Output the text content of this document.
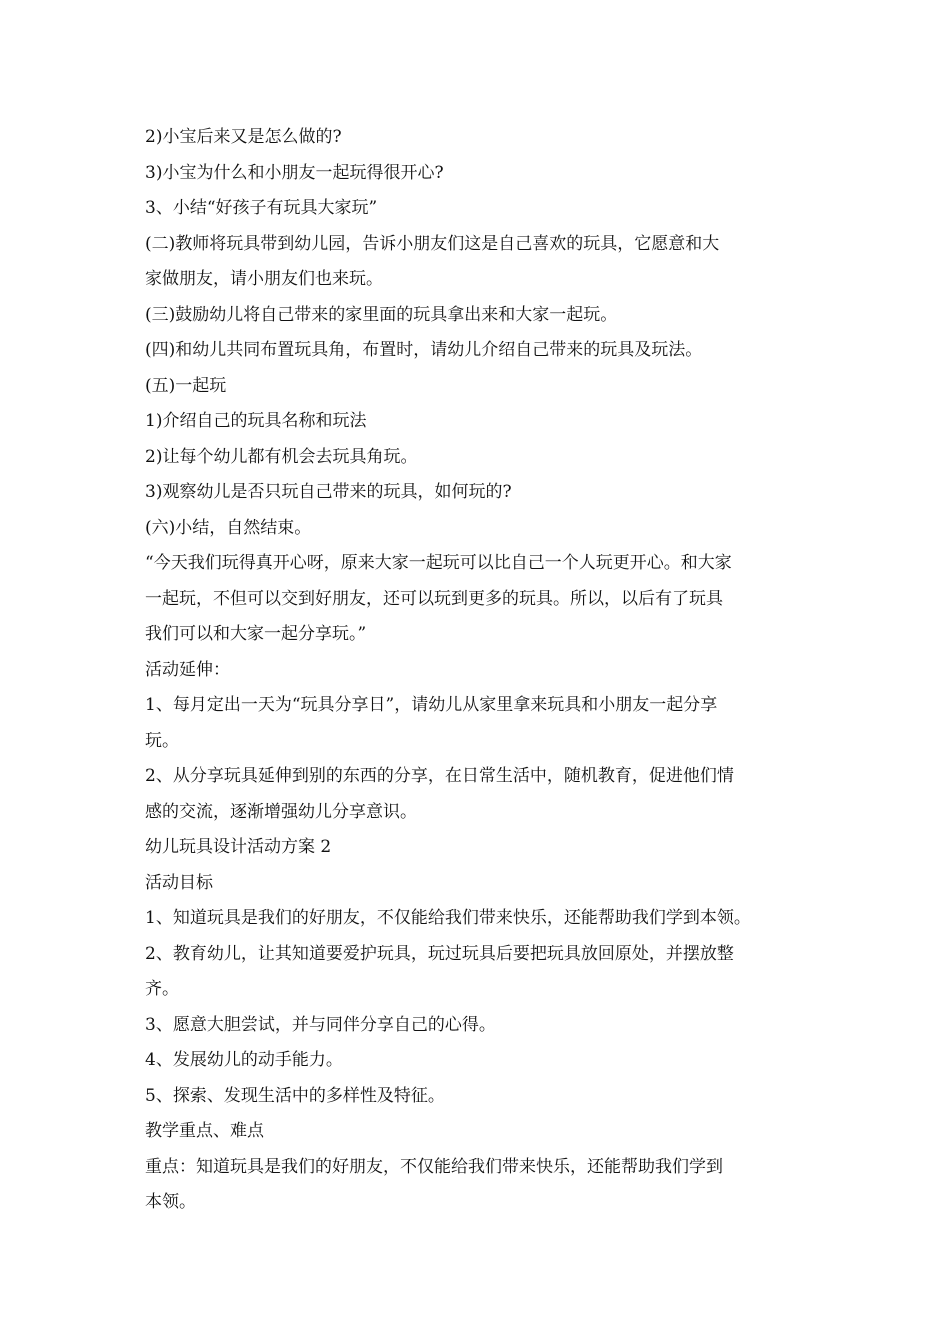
2)小宝后来又是怎么做的?

3)小宝为什么和小朋友一起玩得很开心?

3、小结“好孩子有玩具大家玩”

(二)教师将玩具带到幼儿园，告诉小朋友们这是自己喜欢的玩具，它愿意和大

家做朋友，请小朋友们也来玩。

(三)鼓励幼儿将自己带来的家里面的玩具拿出来和大家一起玩。

(四)和幼儿共同布置玩具角，布置时，请幼儿介绍自己带来的玩具及玩法。

(五)一起玩

1)介绍自己的玩具名称和玩法

2)让每个幼儿都有机会去玩具角玩。

3)观察幼儿是否只玩自己带来的玩具，如何玩的?

(六)小结，自然结束。

“今天我们玩得真开心呀，原来大家一起玩可以比自己一个人玩更开心。和大家

一起玩，不但可以交到好朋友，还可以玩到更多的玩具。所以，以后有了玩具

我们可以和大家一起分享玩。”

活动延伸：

1、每月定出一天为“玩具分享日”，请幼儿从家里拿来玩具和小朋友一起分享

玩。

2、从分享玩具延伸到别的东西的分享，在日常生活中，随机教育，促进他们情

感的交流，逐渐增强幼儿分享意识。

幼儿玩具设计活动方案 2

活动目标

1、知道玩具是我们的好朋友，不仅能给我们带来快乐，还能帮助我们学到本领。

2、教育幼儿，让其知道要爱护玩具，玩过玩具后要把玩具放回原处，并摆放整

齐。

3、愿意大胆尝试，并与同伴分享自己的心得。

4、发展幼儿的动手能力。

5、探索、发现生活中的多样性及特征。

教学重点、难点

重点：知道玩具是我们的好朋友，不仅能给我们带来快乐，还能帮助我们学到

本领。
